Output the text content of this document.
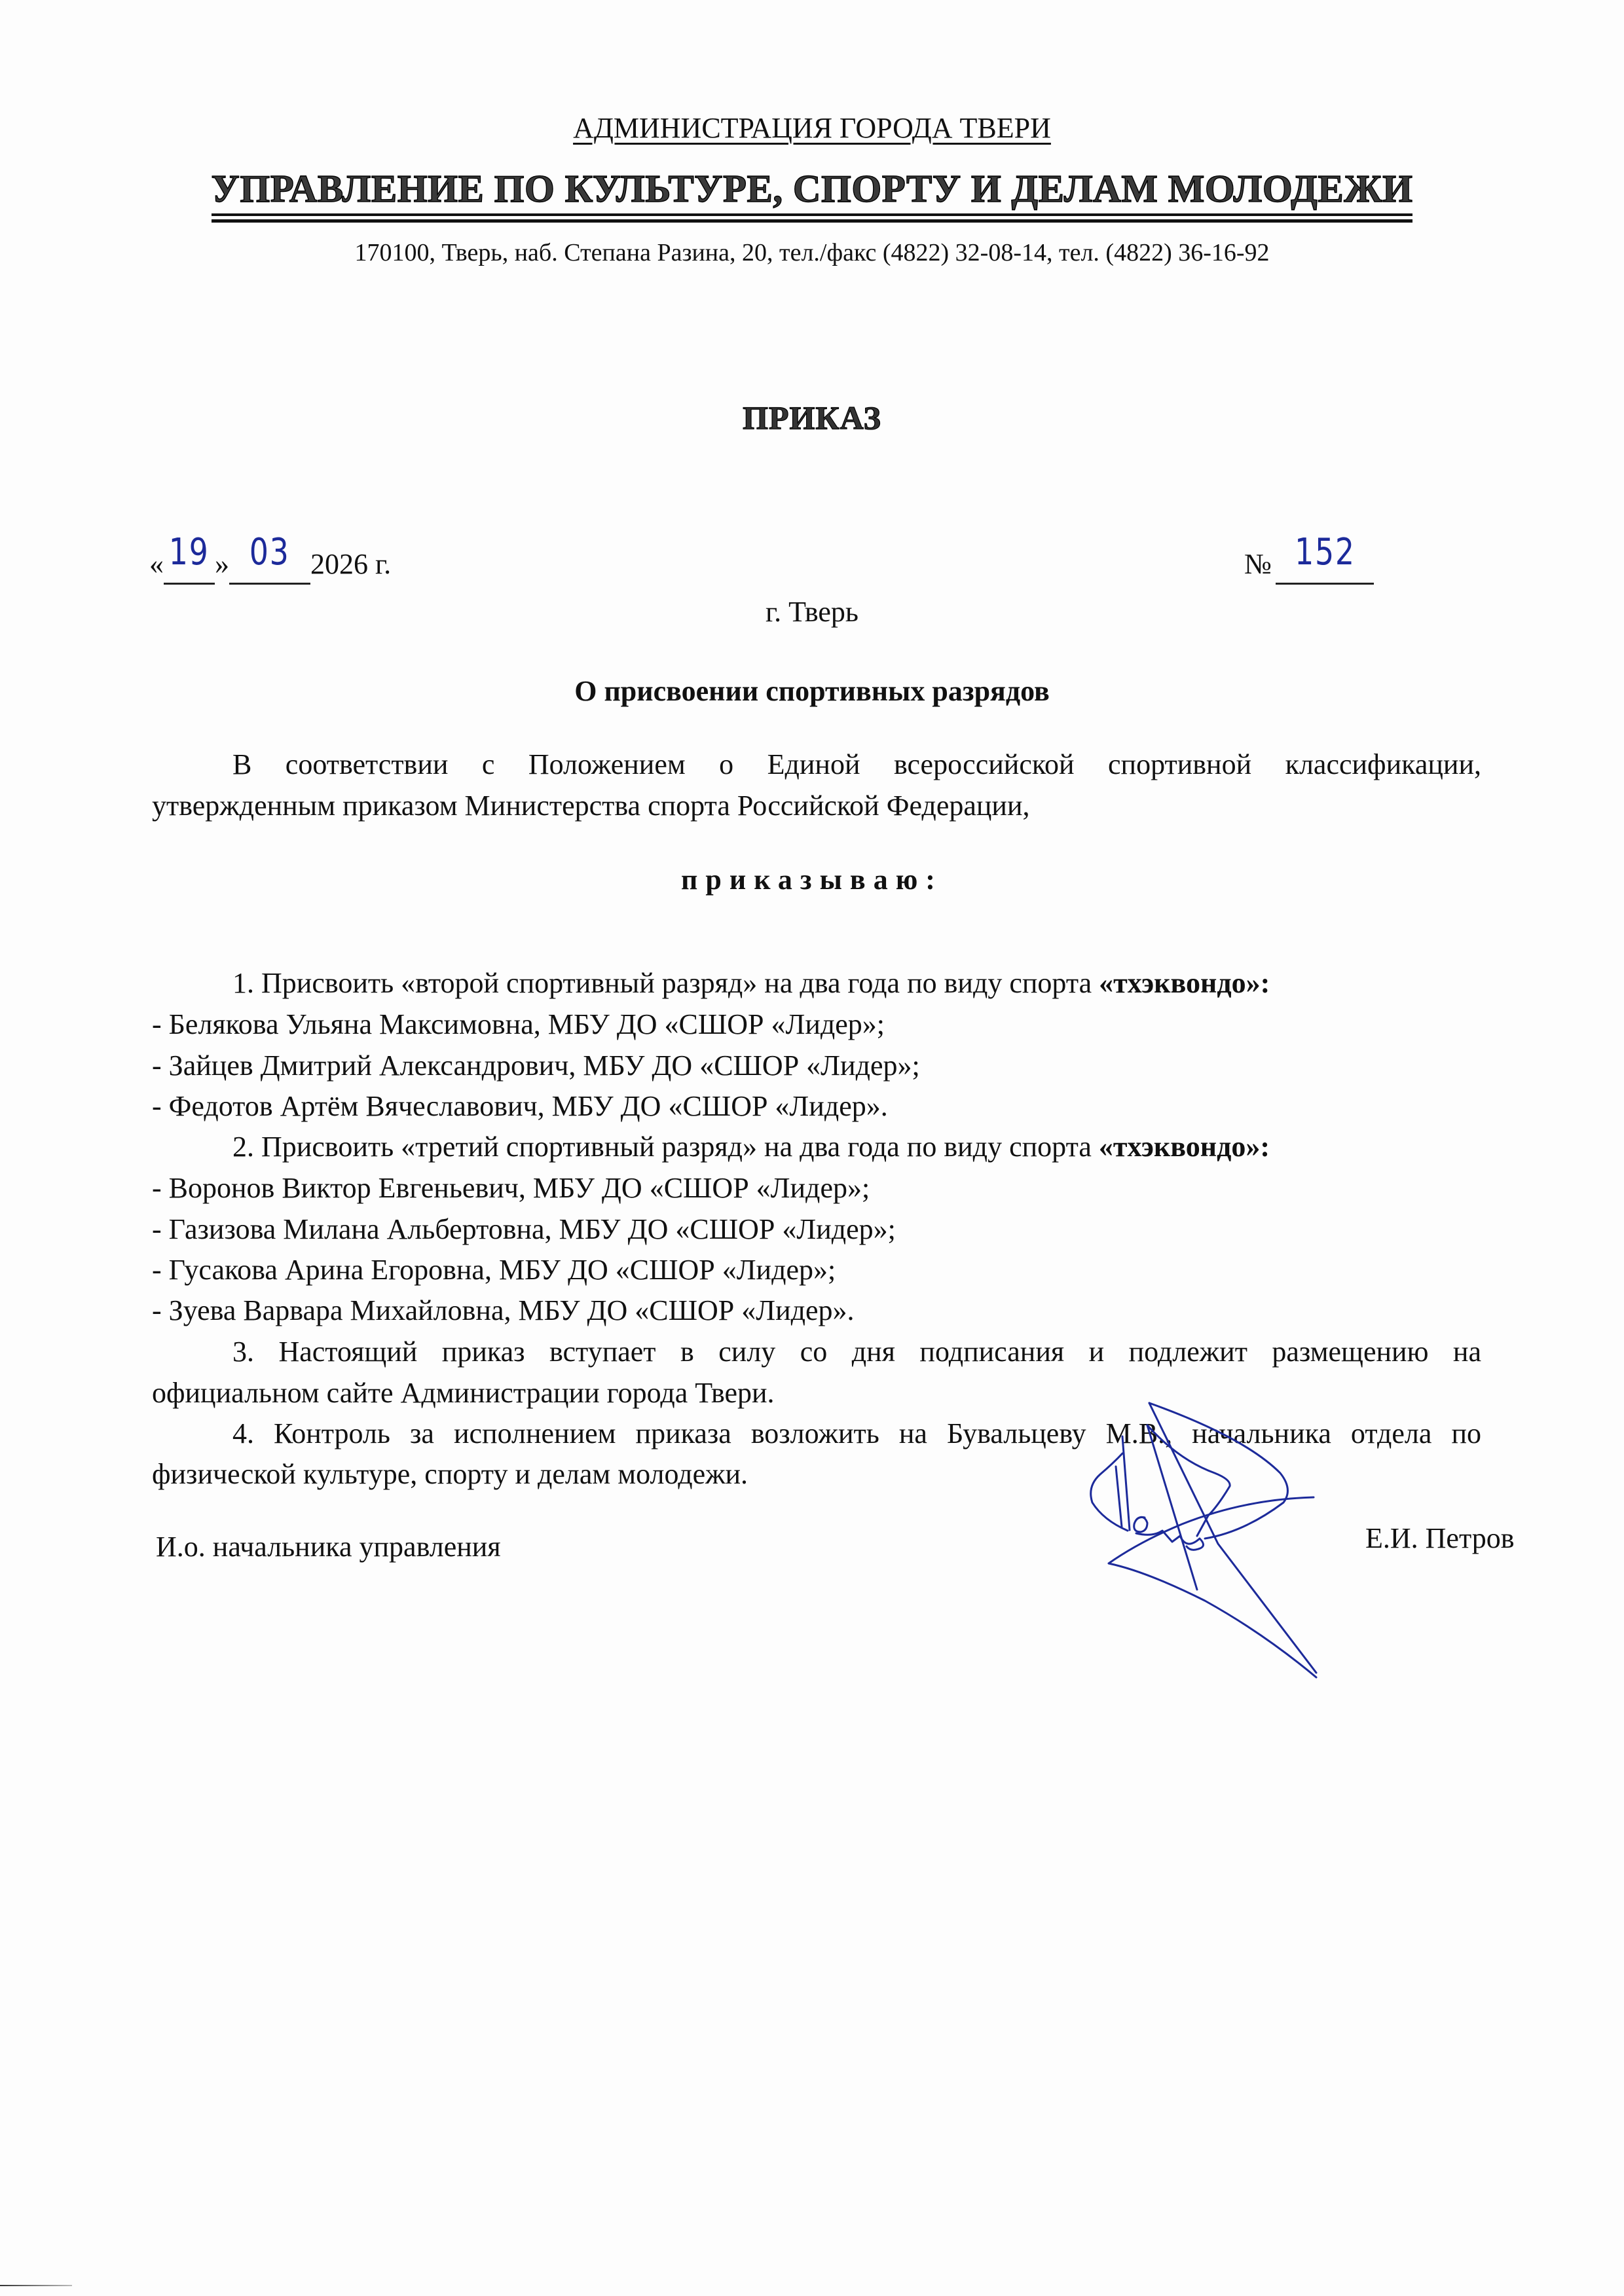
АДМИНИСТРАЦИЯ ГОРОДА ТВЕРИ
УПРАВЛЕНИЕ ПО КУЛЬТУРЕ, СПОРТУ И ДЕЛАМ МОЛОДЕЖИ
170100, Тверь, наб. Степана Разина, 20, тел./факс (4822) 32-08-14, тел. (4822) 36-16-92
ПРИКАЗ
« 19 » 03 2026 г.	№ 152
г. Тверь
О присвоении спортивных разрядов
В соответствии с Положением о Единой всероссийской спортивной классификации,
утвержденным приказом Министерства спорта Российской Федерации,
приказываю:
1. Присвоить «второй спортивный разряд» на два года по виду спорта «тхэквондо»:
- Белякова Ульяна Максимовна, МБУ ДО «СШОР «Лидер»;
- Зайцев Дмитрий Александрович, МБУ ДО «СШОР «Лидер»;
- Федотов Артём Вячеславович, МБУ ДО «СШОР «Лидер».
2. Присвоить «третий спортивный разряд» на два года по виду спорта «тхэквондо»:
- Воронов Виктор Евгеньевич, МБУ ДО «СШОР «Лидер»;
- Газизова Милана Альбертовна, МБУ ДО «СШОР «Лидер»;
- Гусакова Арина Егоровна, МБУ ДО «СШОР «Лидер»;
- Зуева Варвара Михайловна, МБУ ДО «СШОР «Лидер».
3. Настоящий приказ вступает в силу со дня подписания и подлежит размещению на
официальном сайте Администрации города Твери.
4. Контроль за исполнением приказа возложить на Бувальцеву М.В., начальника отдела по
физической культуре, спорту и делам молодежи.
И.о. начальника управления	Е.И. Петров
